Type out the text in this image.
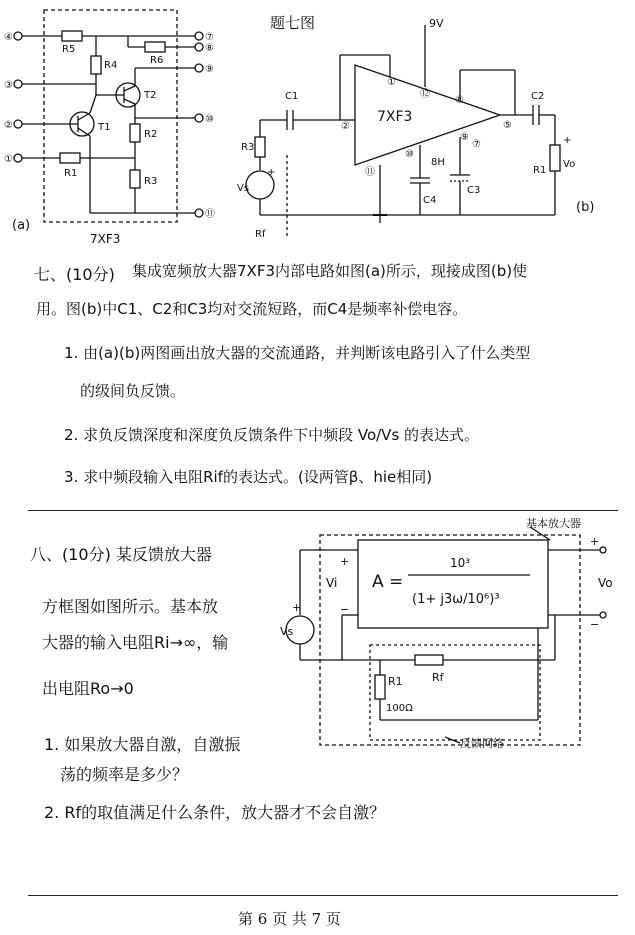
④	⑦
⑧
③
⑨
②
⑩
①
⑪
R5
R4	R6
R2
R1
R3
T1
T2
(a)
7XF3
题七图
①
⑫
⑧
②	⑤
⑩
⑨
⑪
⑦
C1	C2
C3
C4
R3
R1
Vs
Vo
8H
+
+
7XF3
9V
Rf
(b)
七、(10分) 集成宽频放大器7XF3内部电路如图(a)所示，现接成图(b)使
用。图(b)中C1、C2和C3均对交流短路，而C4是频率补偿电容。
1. 由(a)(b)两图画出放大器的交流通路，并判断该电路引入了什么类型
的级间负反馈。
2. 求负反馈深度和深度负反馈条件下中频段 Vo/Vs 的表达式。
3. 求中频段输入电阻Rif的表达式。(设两管β、hie相同)
八、(10分) 某反馈放大器
方框图如图所示。基本放
大器的输入电阻Ri→∞，输
出电阻Ro→0
1. 如果放大器自激，自激振
荡的频率是多少？
2. Rf的取值满足什么条件，放大器才不会自激？
基本放大器
A =
10³
(1+ j3ω/10⁶)³
Vi	Vo
Vs
R1
100Ω
Rf
反馈网络
+
−
+
−
+
第 6 页 共 7 页
